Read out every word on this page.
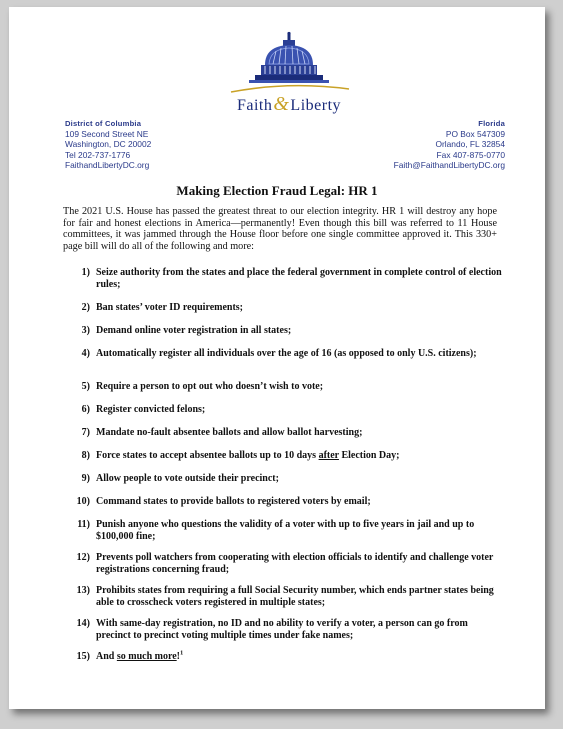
Faith&Liberty
District of Columbia
109 Second Street NE
Washington, DC 20002
Tel 202-737-1776
FaithandLibertyDC.org
Florida
PO Box 547309
Orlando, FL 32854
Fax 407-875-0770
Faith@FaithandLibertyDC.org
Making Election Fraud Legal: HR 1
The 2021 U.S. House has passed the greatest threat to our election integrity. HR 1 will destroy any hope for fair and honest elections in America—permanently! Even though this bill was referred to 11 House committees, it was jammed through the House floor before one single committee approved it. This 330+ page bill will do all of the following and more:
1) Seize authority from the states and place the federal government in complete control of election rules;
2) Ban states’ voter ID requirements;
3) Demand online voter registration in all states;
4) Automatically register all individuals over the age of 16 (as opposed to only U.S. citizens);
5) Require a person to opt out who doesn’t wish to vote;
6) Register convicted felons;
7) Mandate no-fault absentee ballots and allow ballot harvesting;
8) Force states to accept absentee ballots up to 10 days after Election Day;
9) Allow people to vote outside their precinct;
10) Command states to provide ballots to registered voters by email;
11) Punish anyone who questions the validity of a voter with up to five years in jail and up to $100,000 fine;
12) Prevents poll watchers from cooperating with election officials to identify and challenge voter registrations concerning fraud;
13) Prohibits states from requiring a full Social Security number, which ends partner states being able to crosscheck voters registered in multiple states;
14) With same-day registration, no ID and no ability to verify a voter, a person can go from precinct to precinct voting multiple times under fake names;
15) And so much more!$^1$
